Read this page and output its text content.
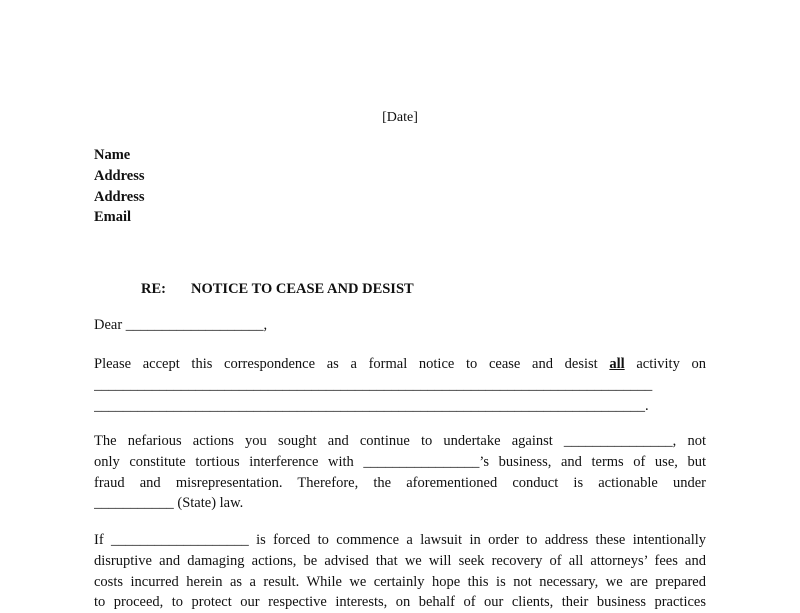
[Date]
Name
Address
Address
Email
RE: NOTICE TO CEASE AND DESIST
Dear ___________________,
Please accept this correspondence as a formal notice to cease and desist all activity on
_____________________________________________________________________________
____________________________________________________________________________.
The nefarious actions you sought and continue to undertake against _______________, not
only constitute tortious interference with ________________’s business, and terms of use, but
fraud and misrepresentation. Therefore, the aforementioned conduct is actionable under
___________ (State) law.
If ___________________ is forced to commence a lawsuit in order to address these intentionally
disruptive and damaging actions, be advised that we will seek recovery of all attorneys’ fees and
costs incurred herein as a result. While we certainly hope this is not necessary, we are prepared
to proceed, to protect our respective interests, on behalf of our clients, their business practices
